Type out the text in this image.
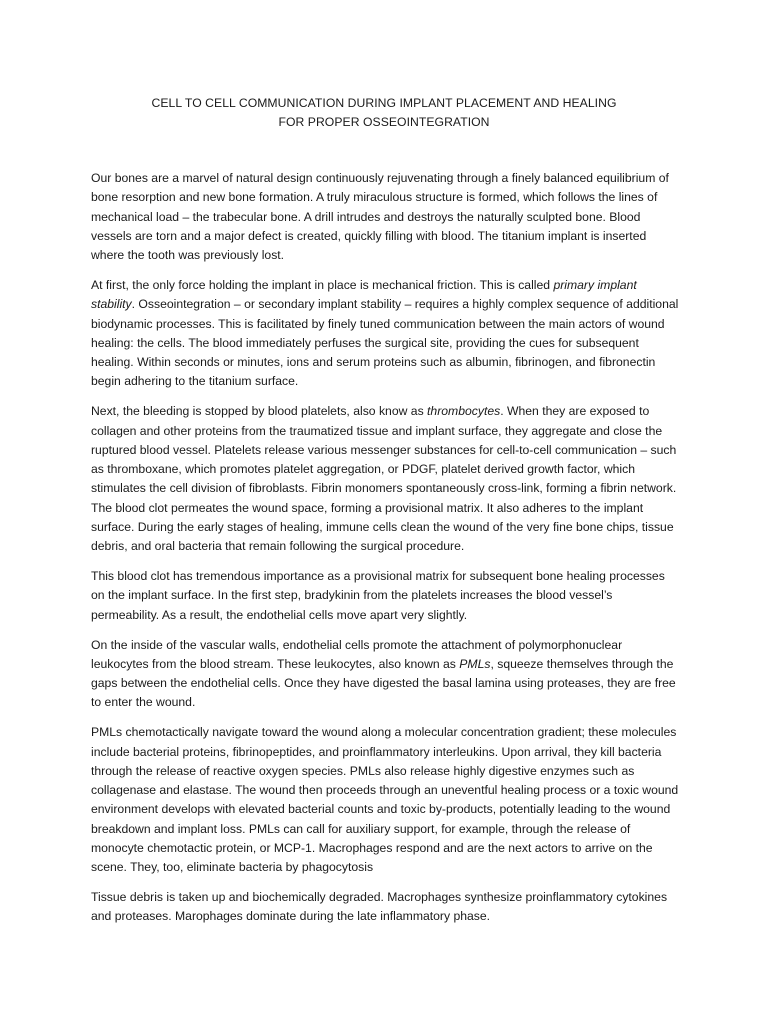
CELL TO CELL COMMUNICATION DURING IMPLANT PLACEMENT AND HEALING
FOR PROPER OSSEOINTEGRATION

Our bones are a marvel of natural design continuously rejuvenating through a finely balanced equilibrium of bone resorption and new bone formation. A truly miraculous structure is formed, which follows the lines of mechanical load – the trabecular bone. A drill intrudes and destroys the naturally sculpted bone. Blood vessels are torn and a major defect is created, quickly filling with blood. The titanium implant is inserted where the tooth was previously lost.

At first, the only force holding the implant in place is mechanical friction. This is called primary implant stability. Osseointegration – or secondary implant stability – requires a highly complex sequence of additional biodynamic processes. This is facilitated by finely tuned communication between the main actors of wound healing: the cells. The blood immediately perfuses the surgical site, providing the cues for subsequent healing. Within seconds or minutes, ions and serum proteins such as albumin, fibrinogen, and fibronectin begin adhering to the titanium surface.

Next, the bleeding is stopped by blood platelets, also know as thrombocytes. When they are exposed to collagen and other proteins from the traumatized tissue and implant surface, they aggregate and close the ruptured blood vessel. Platelets release various messenger substances for cell-to-cell communication – such as thromboxane, which promotes platelet aggregation, or PDGF, platelet derived growth factor, which stimulates the cell division of fibroblasts. Fibrin monomers spontaneously cross-link, forming a fibrin network. The blood clot permeates the wound space, forming a provisional matrix. It also adheres to the implant surface. During the early stages of healing, immune cells clean the wound of the very fine bone chips, tissue debris, and oral bacteria that remain following the surgical procedure.

This blood clot has tremendous importance as a provisional matrix for subsequent bone healing processes on the implant surface. In the first step, bradykinin from the platelets increases the blood vessel’s permeability. As a result, the endothelial cells move apart very slightly.

On the inside of the vascular walls, endothelial cells promote the attachment of polymorphonuclear leukocytes from the blood stream. These leukocytes, also known as PMLs, squeeze themselves through the gaps between the endothelial cells. Once they have digested the basal lamina using proteases, they are free to enter the wound.

PMLs chemotactically navigate toward the wound along a molecular concentration gradient; these molecules include bacterial proteins, fibrinopeptides, and proinflammatory interleukins. Upon arrival, they kill bacteria through the release of reactive oxygen species. PMLs also release highly digestive enzymes such as collagenase and elastase. The wound then proceeds through an uneventful healing process or a toxic wound environment develops with elevated bacterial counts and toxic by-products, potentially leading to the wound breakdown and implant loss. PMLs can call for auxiliary support, for example, through the release of monocyte chemotactic protein, or MCP-1. Macrophages respond and are the next actors to arrive on the scene. They, too, eliminate bacteria by phagocytosis

Tissue debris is taken up and biochemically degraded. Macrophages synthesize proinflammatory cytokines and proteases. Marophages dominate during the late inflammatory phase.
